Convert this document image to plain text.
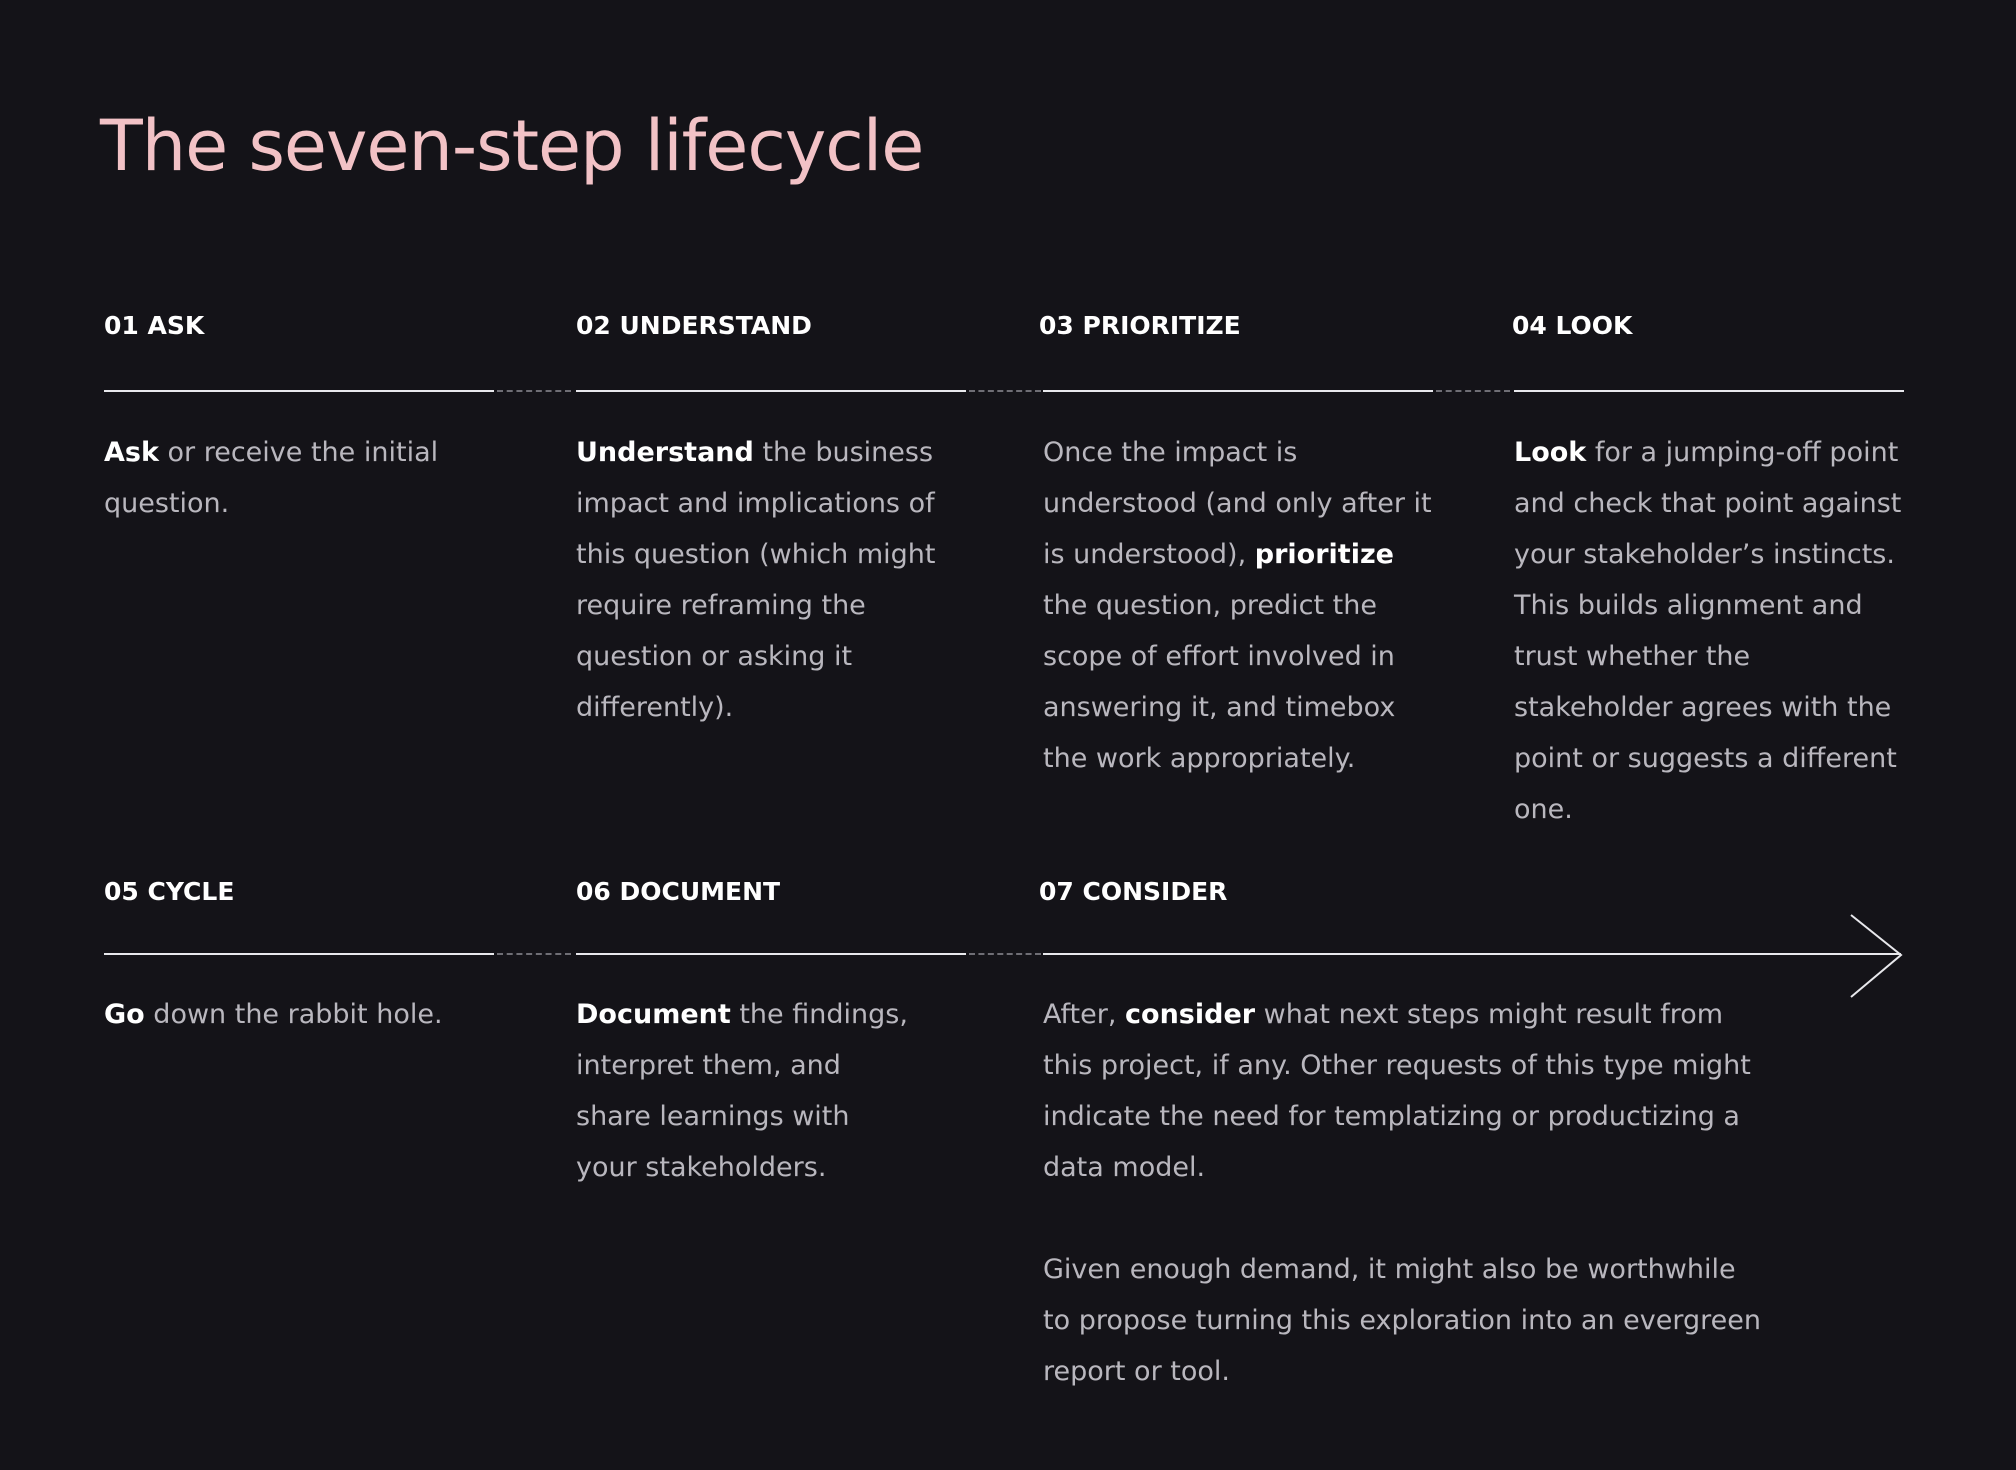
The seven-step lifecycle
01 ASK	02 UNDERSTAND	03 PRIORITIZE	04 LOOK

Ask or receive the initial question.

Understand the business impact and implications of this question (which might require reframing the question or asking it differently).

Once the impact is understood (and only after it is understood), prioritize the question, predict the scope of effort involved in answering it, and timebox the work appropriately.

Look for a jumping-off point and check that point against your stakeholder’s instincts. This builds alignment and trust whether the stakeholder agrees with the point or suggests a different one.

05 CYCLE	06 DOCUMENT	07 CONSIDER

Go down the rabbit hole.	Document the findings, interpret them, and share learnings with your stakeholders.

After, consider what next steps might result from this project, if any. Other requests of this type might indicate the need for templatizing or productizing a data model.

Given enough demand, it might also be worthwhile to propose turning this exploration into an evergreen report or tool.
